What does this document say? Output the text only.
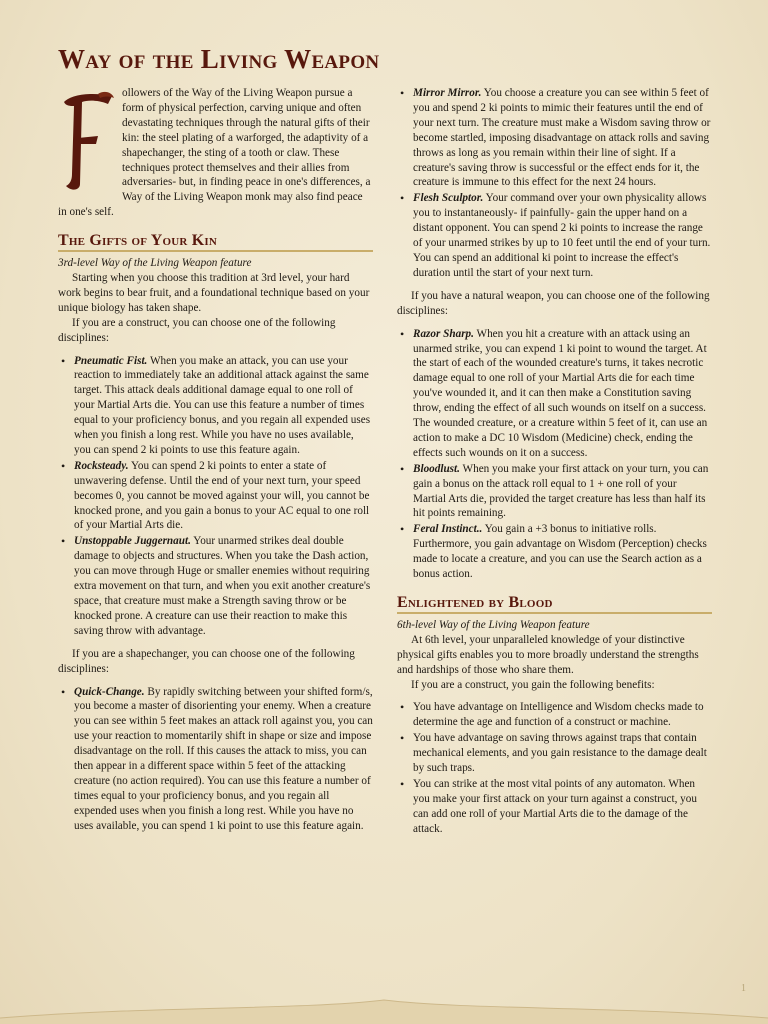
Way of the Living Weapon

ollowers of the Way of the Living Weapon pursue a form of physical perfection, carving unique and often devastating techniques through the natural gifts of their kin: the steel plating of a warforged, the adaptivity of a shapechanger, the sting of a tooth or claw. These techniques protect themselves and their allies from adversaries- but, in finding peace in one's differences, a Way of the Living Weapon monk may also find peace in one's self.

The Gifts of Your Kin

3rd-level Way of the Living Weapon feature

Starting when you choose this tradition at 3rd level, your hard work begins to bear fruit, and a foundational technique based on your unique biology has taken shape.

If you are a construct, you can choose one of the following disciplines:

• Pneumatic Fist. When you make an attack, you can use your reaction to immediately take an additional attack against the same target. This attack deals additional damage equal to one roll of your Martial Arts die. You can use this feature a number of times equal to your proficiency bonus, and you regain all expended uses when you finish a long rest. While you have no uses available, you can spend 2 ki points to use this feature again.
• Rocksteady. You can spend 2 ki points to enter a state of unwavering defense. Until the end of your next turn, your speed becomes 0, you cannot be moved against your will, you cannot be knocked prone, and you gain a bonus to your AC equal to one roll of your Martial Arts die.
• Unstoppable Juggernaut. Your unarmed strikes deal double damage to objects and structures. When you take the Dash action, you can move through Huge or smaller enemies without requiring extra movement on that turn, and when you exit another creature's space, that creature must make a Strength saving throw or be knocked prone. A creature can use their reaction to make this saving throw with advantage.

If you are a shapechanger, you can choose one of the following disciplines:

• Quick-Change. By rapidly switching between your shifted form/s, you become a master of disorienting your enemy. When a creature you can see within 5 feet makes an attack roll against you, you can use your reaction to momentarily shift in shape or size and impose disadvantage on the roll. If this causes the attack to miss, you can then appear in a different space within 5 feet of the attacking creature (no action required). You can use this feature a number of times equal to your proficiency bonus, and you regain all expended uses when you finish a long rest. While you have no uses available, you can spend 1 ki point to use this feature again.
• Mirror Mirror. You choose a creature you can see within 5 feet of you and spend 2 ki points to mimic their features until the end of your next turn. The creature must make a Wisdom saving throw or become startled, imposing disadvantage on attack rolls and saving throws as long as you remain within their line of sight. If a creature's saving throw is successful or the effect ends for it, the creature is immune to this effect for the next 24 hours.
• Flesh Sculptor. Your command over your own physicality allows you to instantaneously- if painfully- gain the upper hand on a distant opponent. You can spend 2 ki points to increase the range of your unarmed strikes by up to 10 feet until the end of your turn. You can spend an additional ki point to increase the effect's duration until the start of your next turn.

If you have a natural weapon, you can choose one of the following disciplines:

• Razor Sharp. When you hit a creature with an attack using an unarmed strike, you can expend 1 ki point to wound the target. At the start of each of the wounded creature's turns, it takes necrotic damage equal to one roll of your Martial Arts die for each time you've wounded it, and it can then make a Constitution saving throw, ending the effect of all such wounds on itself on a success. The wounded creature, or a creature within 5 feet of it, can use an action to make a DC 10 Wisdom (Medicine) check, ending the effects such wounds on it on a success.
• Bloodlust. When you make your first attack on your turn, you can gain a bonus on the attack roll equal to 1 + one roll of your Martial Arts die, provided the target creature has less than half its hit points remaining.
• Feral Instinct.. You gain a +3 bonus to initiative rolls. Furthermore, you gain advantage on Wisdom (Perception) checks made to locate a creature, and you can use the Search action as a bonus action.
Enlightened by Blood

6th-level Way of the Living Weapon feature

At 6th level, your unparalleled knowledge of your distinctive physical gifts enables you to more broadly understand the strengths and hardships of those who share them.

If you are a construct, you gain the following benefits:

• You have advantage on Intelligence and Wisdom checks made to determine the age and function of a construct or machine.
• You have advantage on saving throws against traps that contain mechanical elements, and you gain resistance to the damage dealt by such traps.
• You can strike at the most vital points of any automaton. When you make your first attack on your turn against a construct, you can add one roll of your Martial Arts die to the damage of the attack.
1
